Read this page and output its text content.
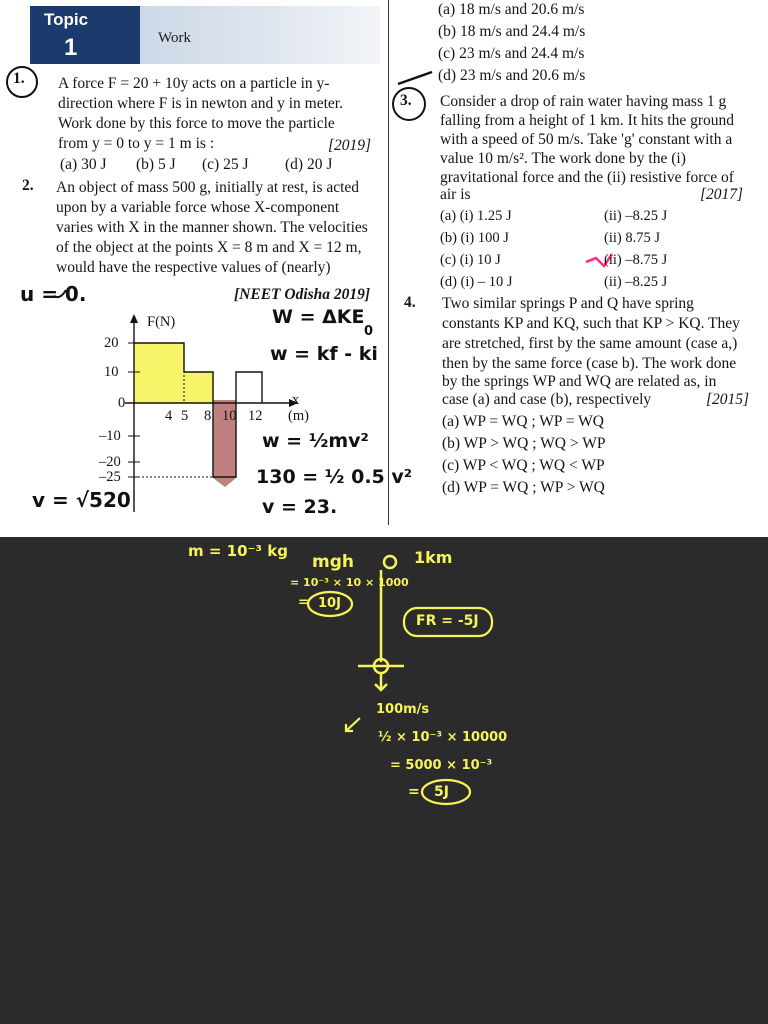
Topic
1	Work
1. A force F = 20 + 10y acts on a particle in y-
direction where F is in newton and y in meter.
Work done by this force to move the particle
from y = 0 to y = 1 m is :	[2019]
(a) 30 J (b) 5 J (c) 25 J (d) 20 J
2. An object of mass 500 g, initially at rest, is acted
upon by a variable force whose X-component
varies with X in the manner shown. The velocities
of the object at the points X = 8 m and X = 12 m,
would have the respective values of (nearly)
[NEET Odisha 2019]
F(N)
x
(m)
20
10
0
–10
–20
–25
4 5 8 10 12
u = 0.
W = ΔKE
w = kf - ki
0
w = ½mv²
130 = ½ 0.5 v²
v = √520	v = 23.
(a) 18 m/s and 20.6 m/s
(b) 18 m/s and 24.4 m/s
(c) 23 m/s and 24.4 m/s
(d) 23 m/s and 20.6 m/s
3. Consider a drop of rain water having mass 1 g
falling from a height of 1 km. It hits the ground
with a speed of 50 m/s. Take 'g' constant with a
value 10 m/s². The work done by the (i)
gravitational force and the (ii) resistive force of
air is	[2017]
(a) (i) 1.25 J	(ii) –8.25 J
(b) (i) 100 J	(ii) 8.75 J
(c) (i) 10 J	(ii) –8.75 J
(d) (i) – 10 J	(ii) –8.25 J
4. Two similar springs P and Q have spring
constants KP and KQ, such that KP > KQ. They
are stretched, first by the same amount (case a,)
then by the same force (case b). The work done
by the springs WP and WQ are related as, in
case (a) and case (b), respectively	[2015]
(a) WP = WQ ; WP = WQ
(b) WP > WQ ; WQ > WP
(c) WP < WQ ; WQ < WP
(d) WP = WQ ; WP > WQ
m = 10⁻³ kg
mgh
= 10⁻³ × 10 × 1000
= 10J
1km
FR = -5J
100m/s
½ × 10⁻³ × 10000
= 5000 × 10⁻³
= 5J
